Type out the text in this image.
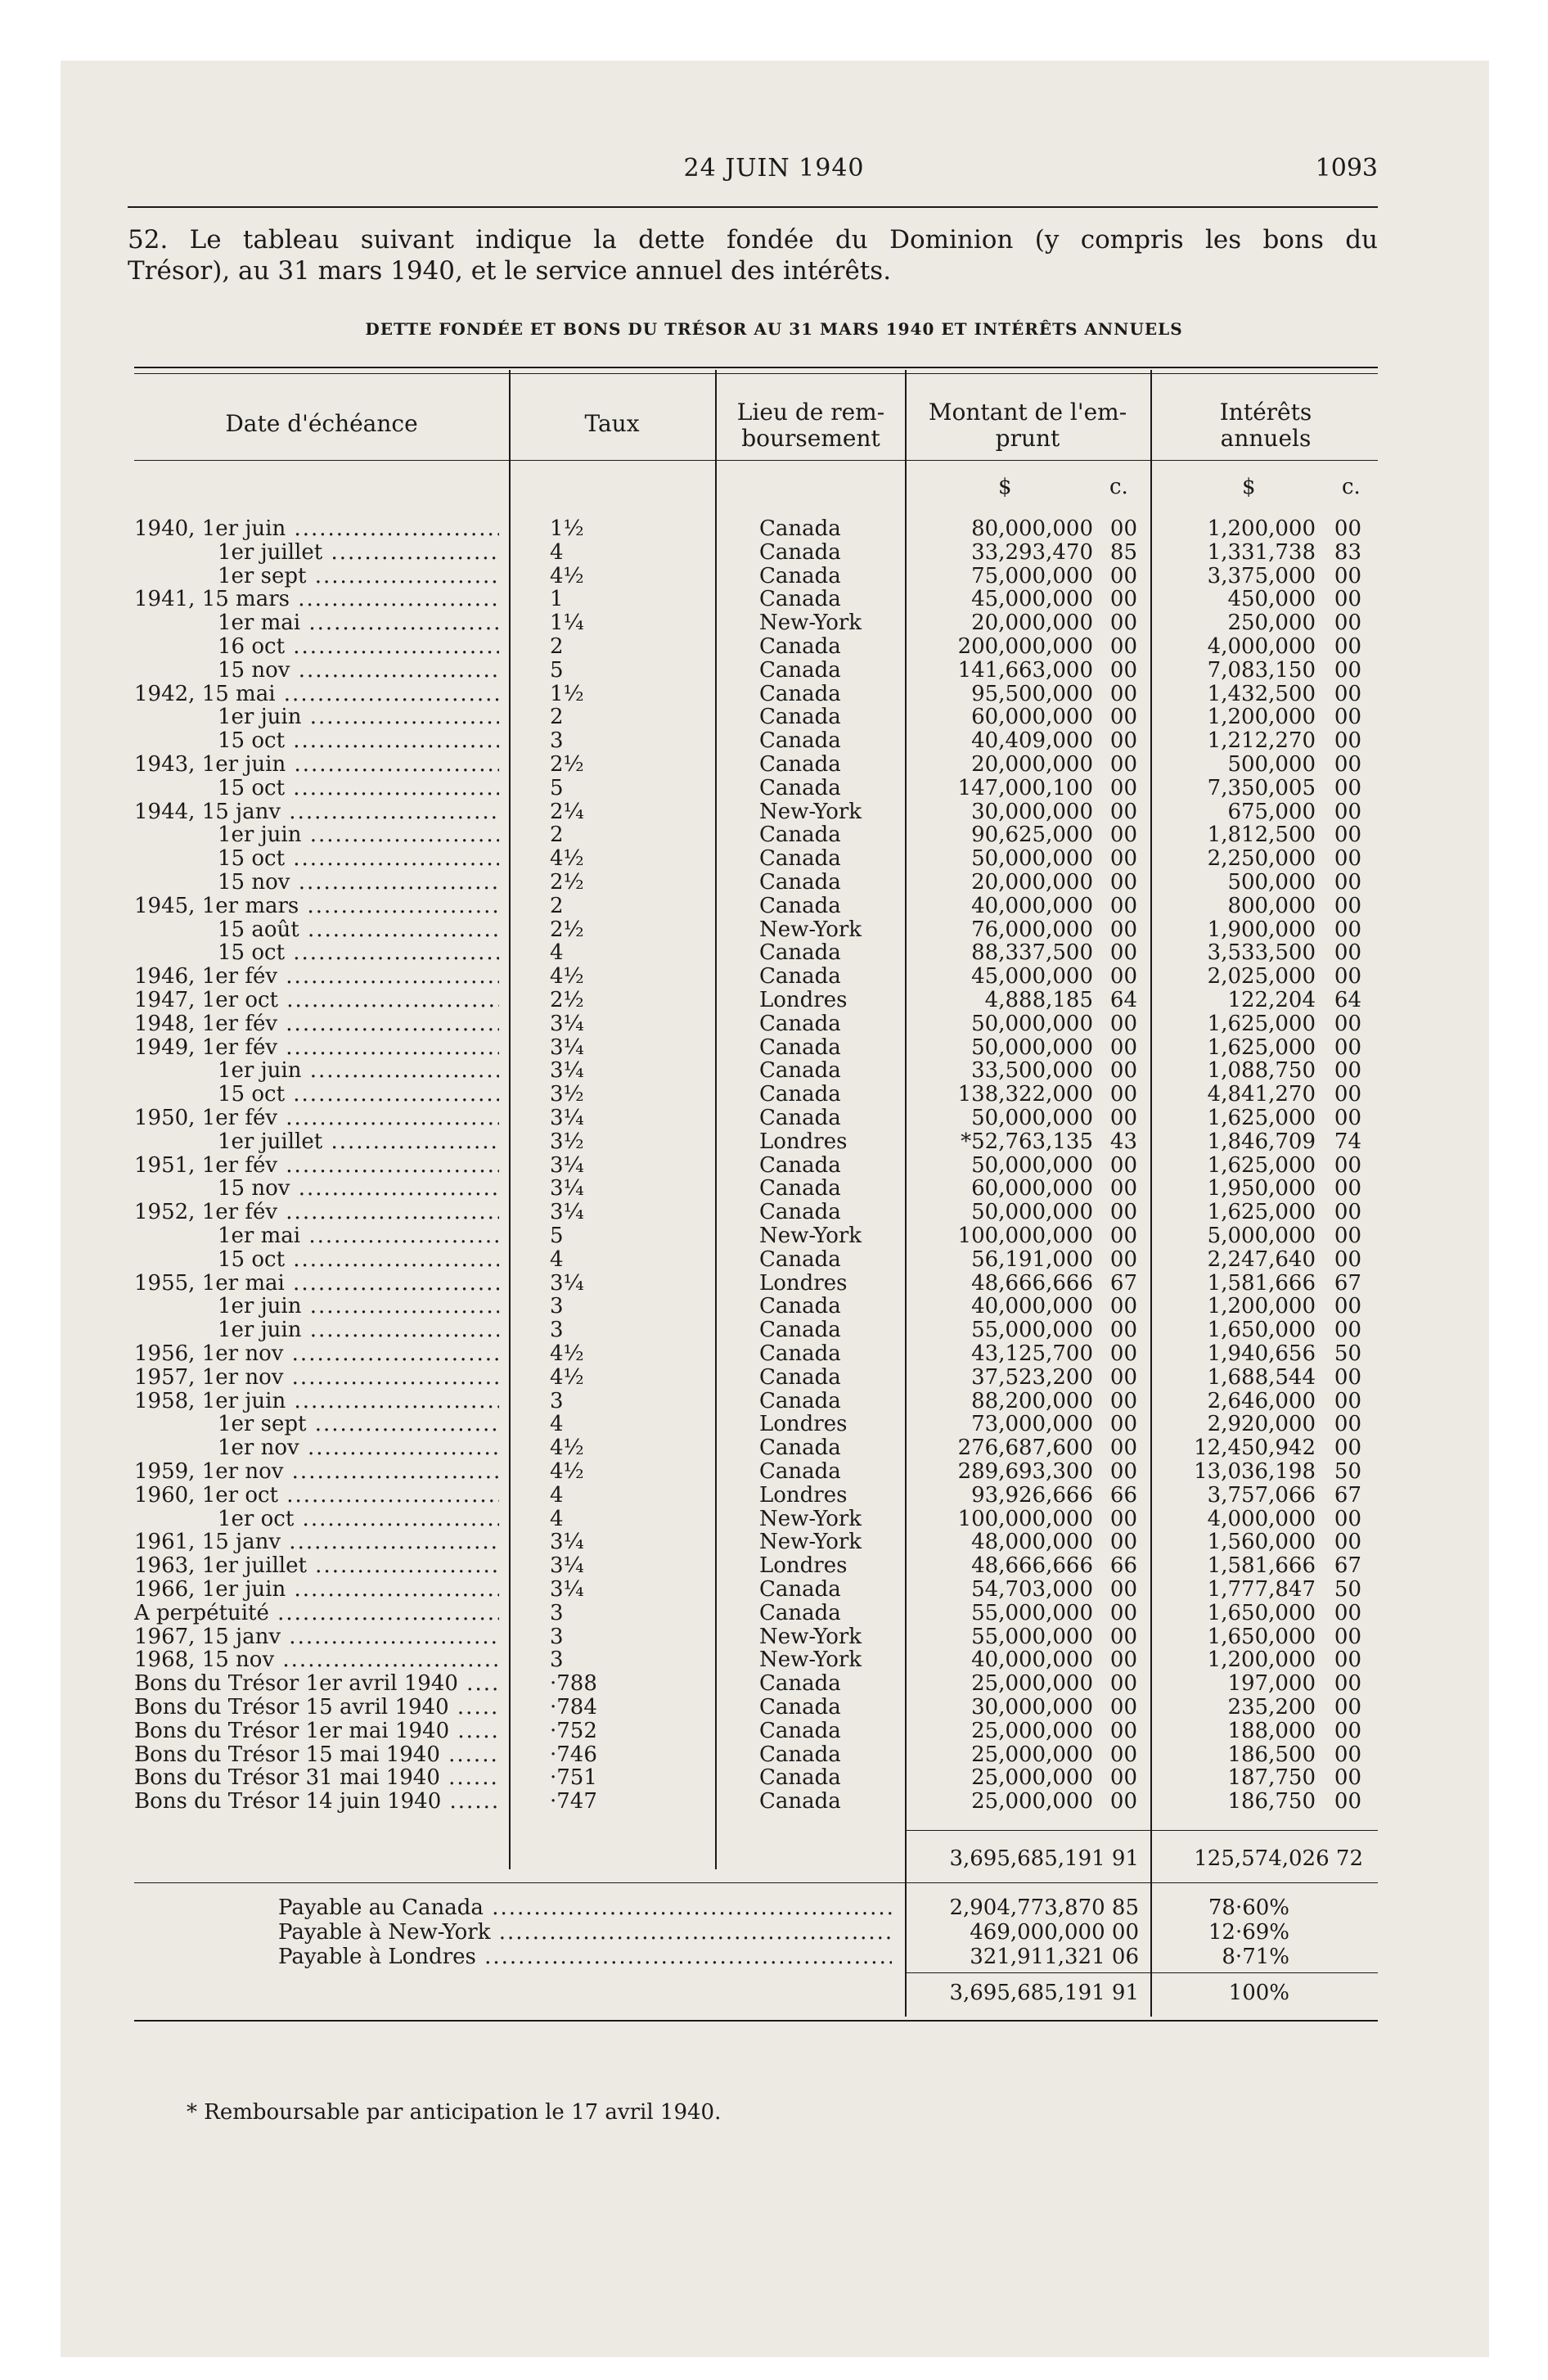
24 JUIN 1940	1093
52. Le tableau suivant indique la dette fondée du Dominion (y compris les bons du
Trésor), au 31 mars 1940, et le service annuel des intérêts.
DETTE FONDÉE ET BONS DU TRÉSOR AU 31 MARS 1940 ET INTÉRÊTS ANNUELS
Date d'échéance	Taux	Lieu de rem-
boursement
Montant de l'em-
prunt
Intérêts
annuels
$	c.	$	c.
1940, 1er juin .....	1½	Canada	80,000,000 00	1,200,000 00
1er juillet .....	4	Canada	33,293,470 85	1,331,738 83
1er sept .....	4½	Canada	75,000,000 00	3,375,000 00
1941, 15 mars .....	1	Canada	45,000,000 00	450,000 00
1er mai .....	1¼	New-York	20,000,000 00	250,000 00
16 oct .....	2	Canada	200,000,000 00	4,000,000 00
15 nov .....	5	Canada	141,663,000 00	7,083,150 00
1942, 15 mai .....	1½	Canada	95,500,000 00	1,432,500 00
1er juin .....	2	Canada	60,000,000 00	1,200,000 00
15 oct .....	3	Canada	40,409,000 00	1,212,270 00
1943, 1er juin .....	2½	Canada	20,000,000 00	500,000 00
15 oct .....	5	Canada	147,000,100 00	7,350,005 00
1944, 15 janv .....	2¼	New-York	30,000,000 00	675,000 00
1er juin .....	2	Canada	90,625,000 00	1,812,500 00
15 oct .....	4½	Canada	50,000,000 00	2,250,000 00
15 nov .....	2½	Canada	20,000,000 00	500,000 00
1945, 1er mars .....	2	Canada	40,000,000 00	800,000 00
15 août .....	2½	New-York	76,000,000 00	1,900,000 00
15 oct .....	4	Canada	88,337,500 00	3,533,500 00
1946, 1er fév .....	4½	Canada	45,000,000 00	2,025,000 00
1947, 1er oct .....	2½	Londres	4,888,185 64	122,204 64
1948, 1er fév .....	3¼	Canada	50,000,000 00	1,625,000 00
1949, 1er fév .....	3¼	Canada	50,000,000 00	1,625,000 00
1er juin .....	3¼	Canada	33,500,000 00	1,088,750 00
15 oct .....	3½	Canada	138,322,000 00	4,841,270 00
1950, 1er fév .....	3¼	Canada	50,000,000 00	1,625,000 00
1er juillet .....	3½	Londres	*52,763,135 43	1,846,709 74
1951, 1er fév .....	3¼	Canada	50,000,000 00	1,625,000 00
15 nov .....	3¼	Canada	60,000,000 00	1,950,000 00
1952, 1er fév .....	3¼	Canada	50,000,000 00	1,625,000 00
1er mai .....	5	New-York	100,000,000 00	5,000,000 00
15 oct .....	4	Canada	56,191,000 00	2,247,640 00
1955, 1er mai .....	3¼	Londres	48,666,666 67	1,581,666 67
1er juin .....	3	Canada	40,000,000 00	1,200,000 00
1er juin .....	3	Canada	55,000,000 00	1,650,000 00
1956, 1er nov .....	4½	Canada	43,125,700 00	1,940,656 50
1957, 1er nov .....	4½	Canada	37,523,200 00	1,688,544 00
1958, 1er juin .....	3	Canada	88,200,000 00	2,646,000 00
1er sept .....	4	Londres	73,000,000 00	2,920,000 00
1er nov .....	4½	Canada	276,687,600 00	12,450,942 00
1959, 1er nov .....	4½	Canada	289,693,300 00	13,036,198 50
1960, 1er oct .....	4	Londres	93,926,666 66	3,757,066 67
1er oct .....	4	New-York	100,000,000 00	4,000,000 00
1961, 15 janv .....	3¼	New-York	48,000,000 00	1,560,000 00
1963, 1er juillet .....	3¼	Londres	48,666,666 66	1,581,666 67
1966, 1er juin .....	3¼	Canada	54,703,000 00	1,777,847 50
A perpétuité .....	3	Canada	55,000,000 00	1,650,000 00
1967, 15 janv .....	3	New-York	55,000,000 00	1,650,000 00
1968, 15 nov .....	3	New-York	40,000,000 00	1,200,000 00
Bons du Trésor 1er avril 1940 .....	·788	Canada	25,000,000 00	197,000 00
Bons du Trésor 15 avril 1940 .....	·784	Canada	30,000,000 00	235,200 00
Bons du Trésor 1er mai 1940 .....	·752	Canada	25,000,000 00	188,000 00
Bons du Trésor 15 mai 1940 .....	·746	Canada	25,000,000 00	186,500 00
Bons du Trésor 31 mai 1940 .....	·751	Canada	25,000,000 00	187,750 00
Bons du Trésor 14 juin 1940 .....	·747	Canada	25,000,000 00	186,750 00
3,695,685,191 91	125,574,026 72
Payable au Canada .....	2,904,773,870 85	78·60%
Payable à New-York .....	469,000,000 00	12·69%
Payable à Londres .....	321,911,321 06	8·71%
3,695,685,191 91	100%
* Remboursable par anticipation le 17 avril 1940.
